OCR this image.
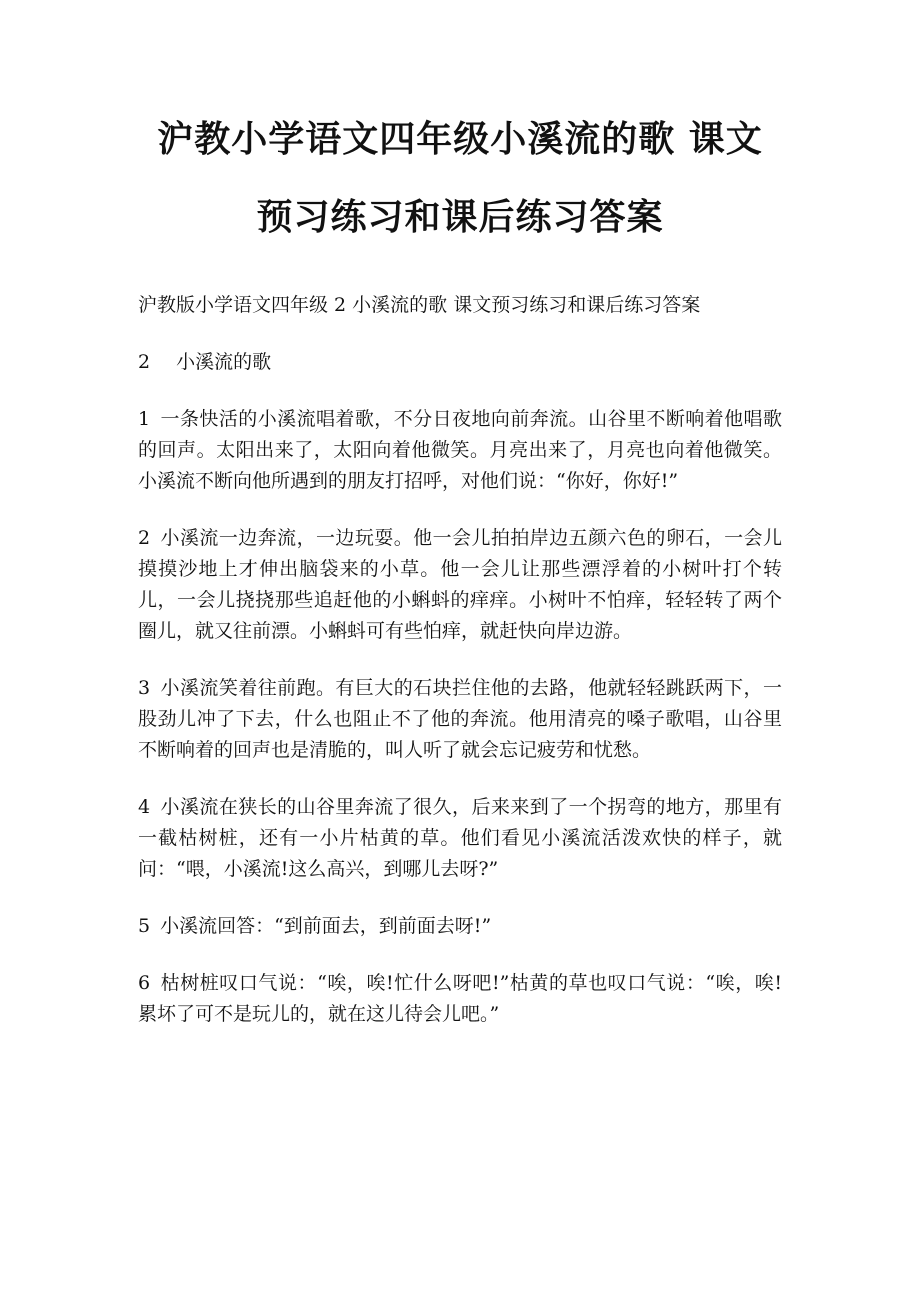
沪教小学语文四年级小溪流的歌 课文
预习练习和课后练习答案

沪教版小学语文四年级 2 小溪流的歌 课文预习练习和课后练习答案

2 小溪流的歌

1 一条快活的小溪流唱着歌，不分日夜地向前奔流。山谷里不断响着他唱歌的回声。太阳出来了，太阳向着他微笑。月亮出来了，月亮也向着他微笑。小溪流不断向他所遇到的朋友打招呼，对他们说：“你好，你好!”

2 小溪流一边奔流，一边玩耍。他一会儿拍拍岸边五颜六色的卵石，一会儿摸摸沙地上才伸出脑袋来的小草。他一会儿让那些漂浮着的小树叶打个转儿，一会儿挠挠那些追赶他的小蝌蚪的痒痒。小树叶不怕痒，轻轻转了两个圈儿，就又往前漂。小蝌蚪可有些怕痒，就赶快向岸边游。

3 小溪流笑着往前跑。有巨大的石块拦住他的去路，他就轻轻跳跃两下，一股劲儿冲了下去，什么也阻止不了他的奔流。他用清亮的嗓子歌唱，山谷里不断响着的回声也是清脆的，叫人听了就会忘记疲劳和忧愁。

4 小溪流在狭长的山谷里奔流了很久，后来来到了一个拐弯的地方，那里有一截枯树桩，还有一小片枯黄的草。他们看见小溪流活泼欢快的样子，就问：“喂，小溪流!这么高兴，到哪儿去呀?”

5 小溪流回答：“到前面去，到前面去呀!”

6 枯树桩叹口气说：“唉，唉!忙什么呀吧!”枯黄的草也叹口气说：“唉，唉!累坏了可不是玩儿的，就在这儿待会儿吧。”
